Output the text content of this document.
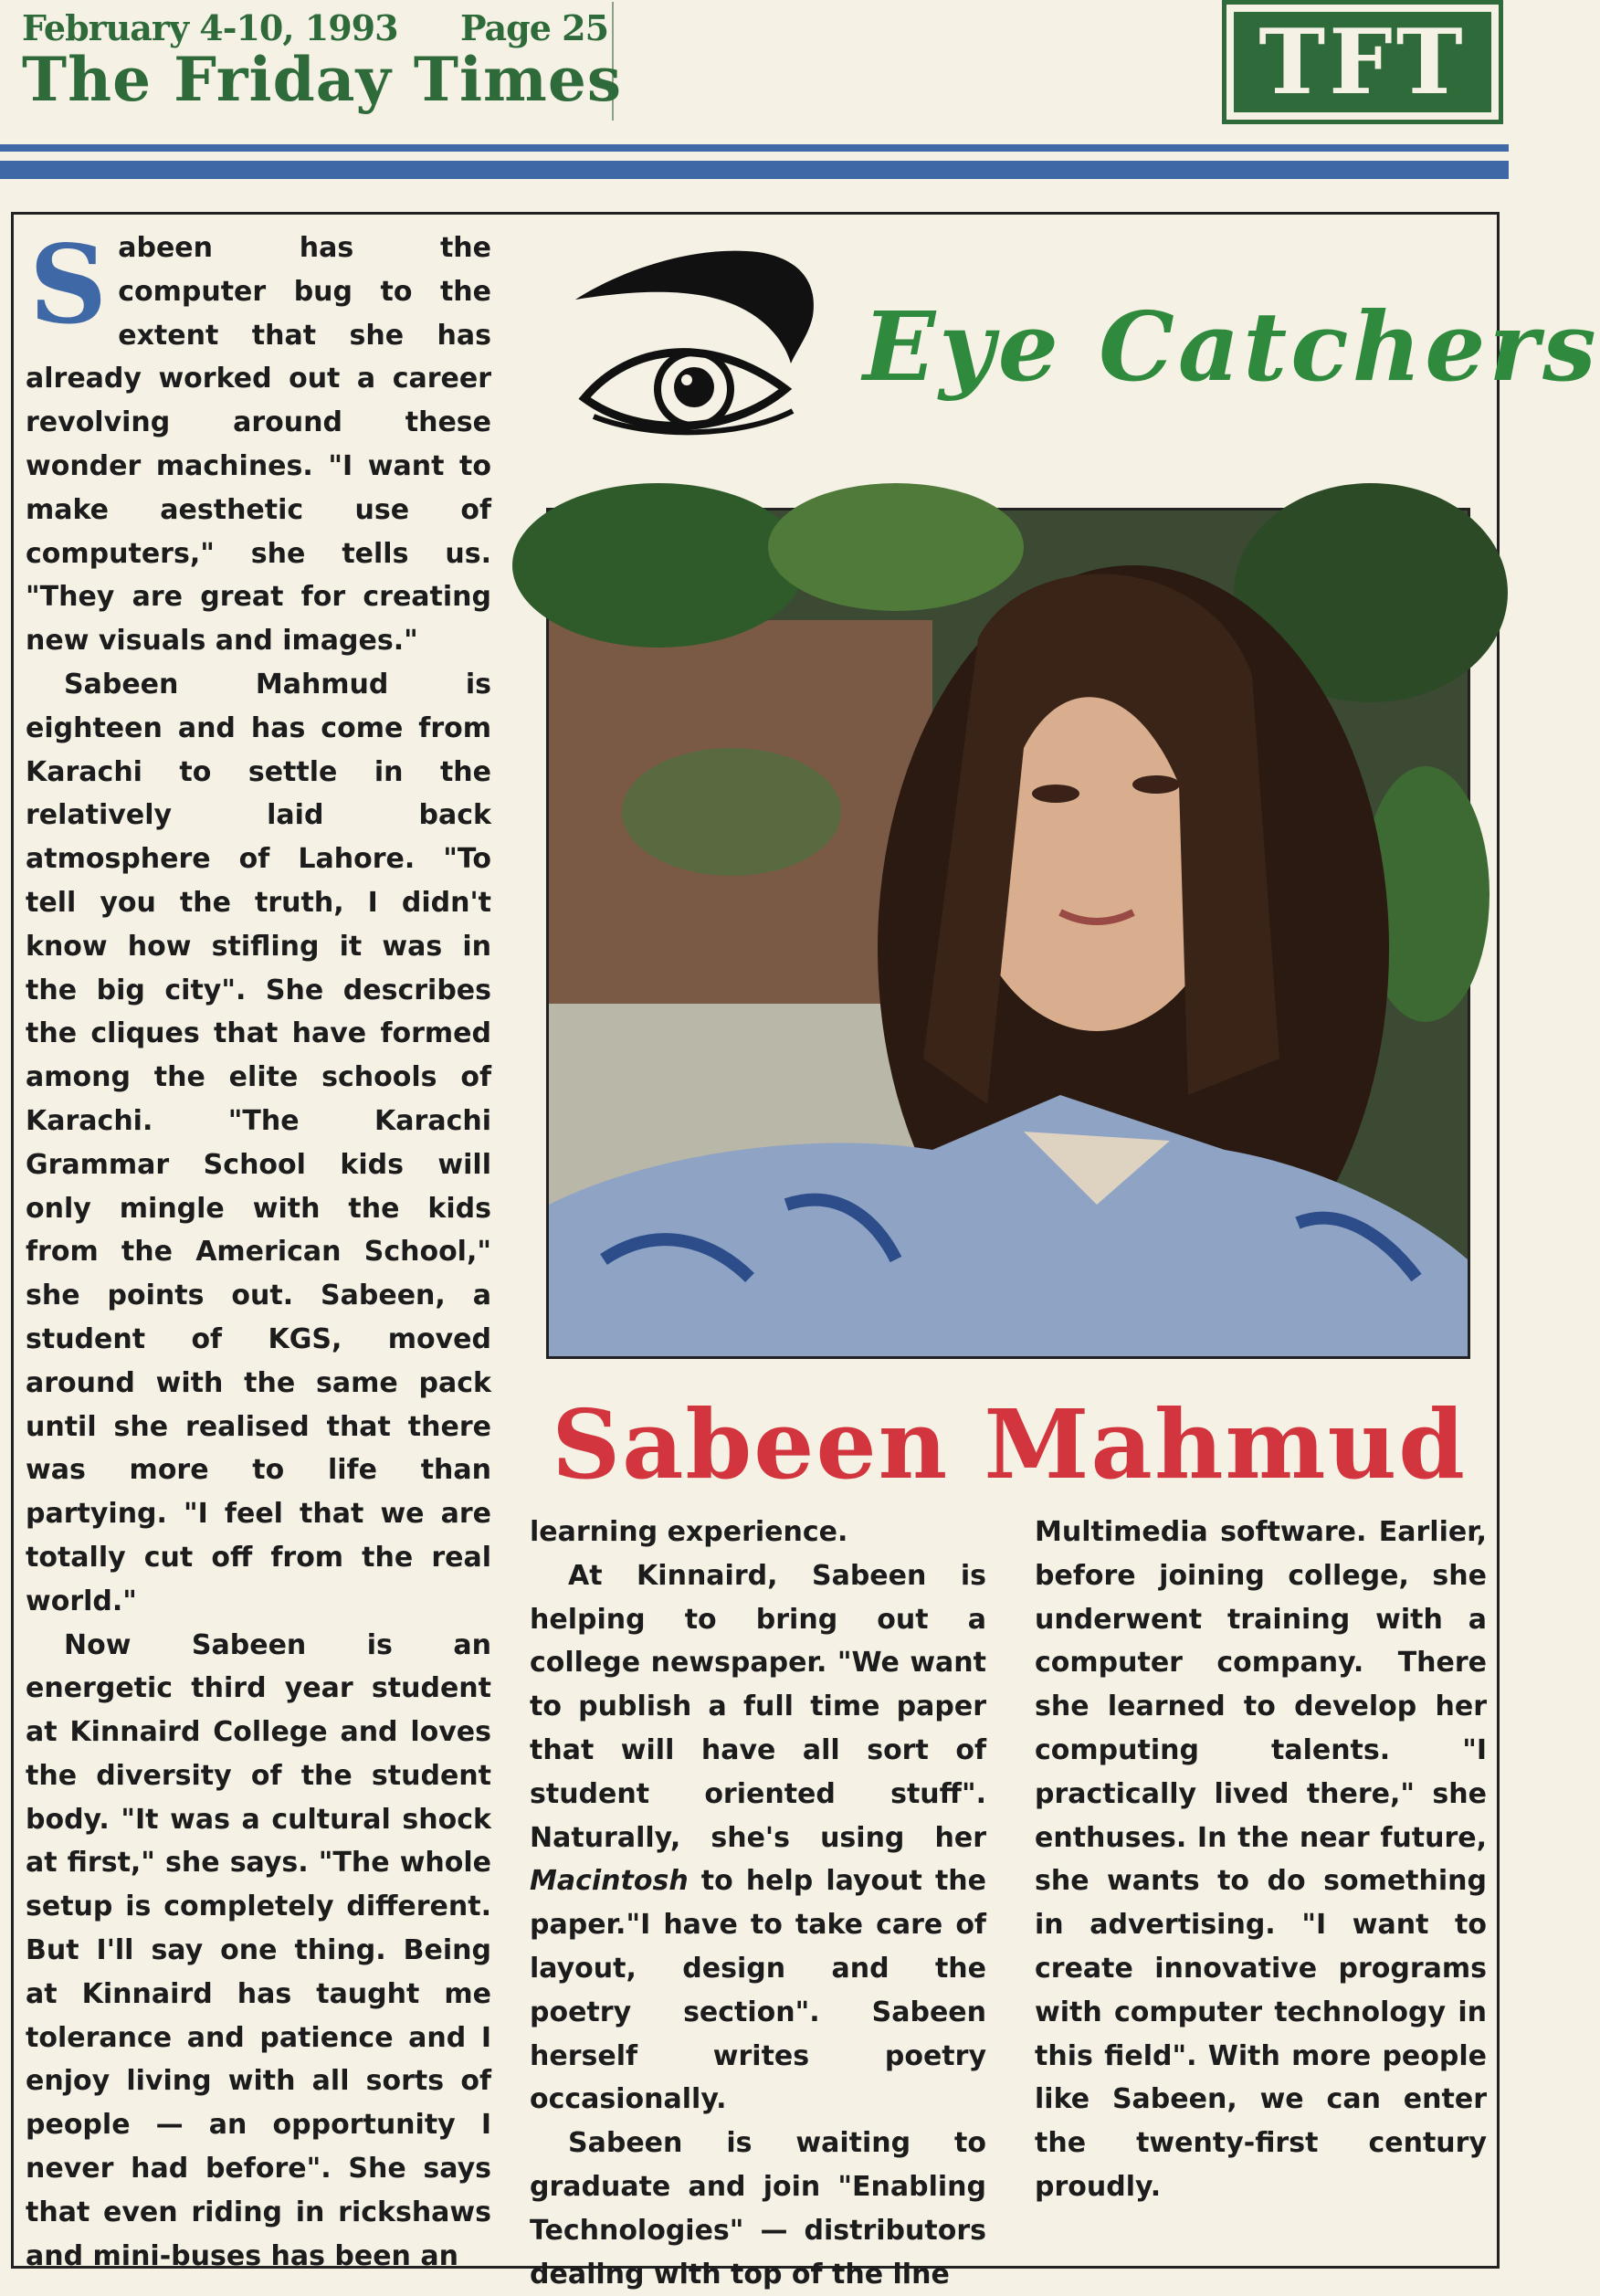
February 4-10, 1993 Page 25
The Friday Times	TFT
S abeen has the computer bug to the extent that she has already worked out a career revolving around these wonder machines. "I want to make aesthetic use of computers," she tells us. "They are great for creating new visuals and images."

Sabeen Mahmud is eighteen and has come from Karachi to settle in the relatively laid back atmosphere of Lahore. "To tell you the truth, I didn't know how stifling it was in the big city". She describes the cliques that have formed among the elite schools of Karachi. "The Karachi Grammar School kids will only mingle with the kids from the American School," she points out. Sabeen, a student of KGS, moved around with the same pack until she realised that there was more to life than partying. "I feel that we are totally cut off from the real world."

Now Sabeen is an energetic third year student at Kinnaird College and loves the diversity of the student body. "It was a cultural shock at first," she says. "The whole setup is completely different. But I'll say one thing. Being at Kinnaird has taught me tolerance and patience and I enjoy living with all sorts of people — an opportunity I never had before". She says that even riding in rickshaws and mini-buses has been an

Eye Catchers
Sabeen Mahmud

learning experience.

At Kinnaird, Sabeen is helping to bring out a college newspaper. "We want to publish a full time paper that will have all sort of student oriented stuff". Naturally, she's using her Macintosh to help layout the paper."I have to take care of layout, design and the poetry section". Sabeen herself writes poetry occasionally.

Sabeen is waiting to graduate and join "Enabling Technologies" — distributors dealing with top of the line

Multimedia software. Earlier, before joining college, she underwent training with a computer company. There she learned to develop her computing talents. "I practically lived there," she enthuses. In the near future, she wants to do something in advertising. "I want to create innovative programs with computer technology in this field". With more people like Sabeen, we can enter the twenty-first century proudly.
